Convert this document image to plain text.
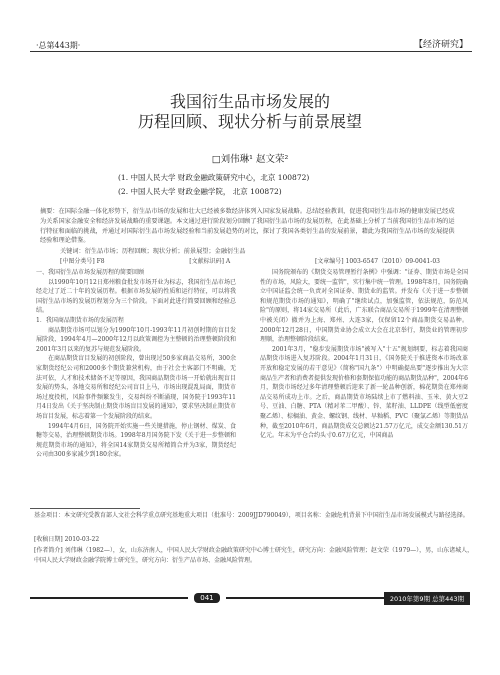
·总第443期·	【经济研究】
我国衍生品市场发展的
历程回顾、现状分析与前景展望
□刘伟琳¹ 赵文荣²
(1. 中国人民大学 财政金融政策研究中心，北京 100872)
(2. 中国人民大学 财政金融学院， 北京 100872)
摘要：在国际金融一体化形势下，衍生品市场的发展和壮大已经被多数经济体列入国家发展战略。总结经验教训，促进我国衍生品市场的健康发展已经成为关系国家金融安全和经济发展战略的重要课题。本文通过进行阶段划分回顾了我国衍生品市场的发展历程，在此基础上分析了当前我国衍生品市场的运行特征和面临的挑战，并通过对国际衍生品市场发展经验和当前发展趋势的对比，探讨了我国各类衍生品的发展前景，藉此为我国衍生品市场的发展提供经验和理论借鉴。
关键词：衍生品市场；历程回顾；现状分析；前景展望；金融衍生品
[中图分类号] F8	[文献标识码] A	[文章编号] 1003-6547（2010）09-0041-03
一、我国衍生品市场发展历程的简要回顾
以1990年10月12日郑州粮食批发市场开业为标志，我国衍生品市场已经走过了近二十年的发展历程。根据市场发展的性质和运行特征，可以将我国衍生品市场的发展历程划分为三个阶段。下面对此进行简要回顾和经验总结。
1．我国商品期货市场的发展历程
商品期货市场可以划分为1990年10月-1993年11月初创时期的盲目发展阶段、1994年4月—2000年12月以政策调控为主整顿的治理整顿阶段和2001年3月以来的复苏与规范发展阶段。
在商品期货盲目发展的初创阶段，曾出现过50多家商品交易所，300余家期货经纪公司和2000多个期货兼营机构，由于社会主客部门不明确，无法可依，人才和技术储备不足等原因，我国商品期货市场一开始就出现盲目发展的势头，各地交易所和经纪公司盲目上马，市场出现混乱局面，期货市场过度投机，风险事件频繁发生，交易纠纷不断涌现，国务院于1993年11月4日发出《关于坚决制止期货市场盲目发展的通知》，要求坚决制止期货市场盲目发展，标志着第一个发展阶段的结束。
1994年4月6日，国务院开始实施一些关键措施，停止钢材、煤炭、食糖等交易，治理整顿期货市场。1998年8月国务院下发《关于进一步整顿和规范期货市场的通知》，将全国14家期货交易所精简合并为3家，期货经纪公司由300多家减少到180余家。
国务院颁布的《期货交易管理暂行条例》中强调："证券、期货市场是全国性的市场，风险大，要统一监管"，实行集中统一管理。1998年8月，国务院确立中国证监会统一负责对全国证券、期货业的监管。并发布《关于进一步整顿和规范期货市场的通知》，明确了"继续试点，加强监管，依法规范，防范风险"的原则，将14家交易所（此后，广东联合商品交易所于1999年在清理整顿中被关闭）撤并为上海、郑州、大连3家，仅保留12个商品期货交易品种。2000年12月28日，中国期货业协会成立大会在北京举行，期货业的管理初步理顺，治理整顿阶段结束。
2001年3月，"稳步发展期货市场"被写入"十五"规划纲要，标志着我国商品期货市场进入复苏阶段。2004年1月31日，《国务院关于推进资本市场改革开放和稳定发展的若干意见》（简称"国九条"）中明确提出要"逐步推出为大宗商品生产者和消费者提供发现价格和套期保值功能的商品期货品种"，2004年6月，期货市场经过多年清理整顿后迎来了新一轮品种创新，棉花期货在郑州商品交易所成功上市。之后，商品期货市场陆续上市了燃料油、玉米、黄大豆2号、豆油、白糖、PTA（精对苯二甲酸）、锌、菜籽油、LLDPE（线型低密度聚乙烯）、棕榈油、黄金、螺纹钢、线材、早籼稻、PVC（聚氯乙烯）等期货品种，截至2010年6月，商品期货成交总额达21.57万亿元，成交金额130.51万亿元。年末为平仓合约头寸0.67万亿元，中国商品
基金项目：本文研究受教育部人文社会科学重点研究基地重大项目（批准号：2009JJD790049），项目名称：金融危机背景下中国衍生品市场发展模式与路径选择。
[收稿日期] 2010-03-22
[作者简介] 刘伟琳（1982—），女，山东济南人，中国人民大学财政金融政策研究中心博士研究生，研究方向：金融风险管理；赵文荣（1979—），男，山东诸城人，中国人民大学财政金融学院博士研究生，研究方向：衍生产品市场、金融风险管理。
041	2010年第9期 总第443期
